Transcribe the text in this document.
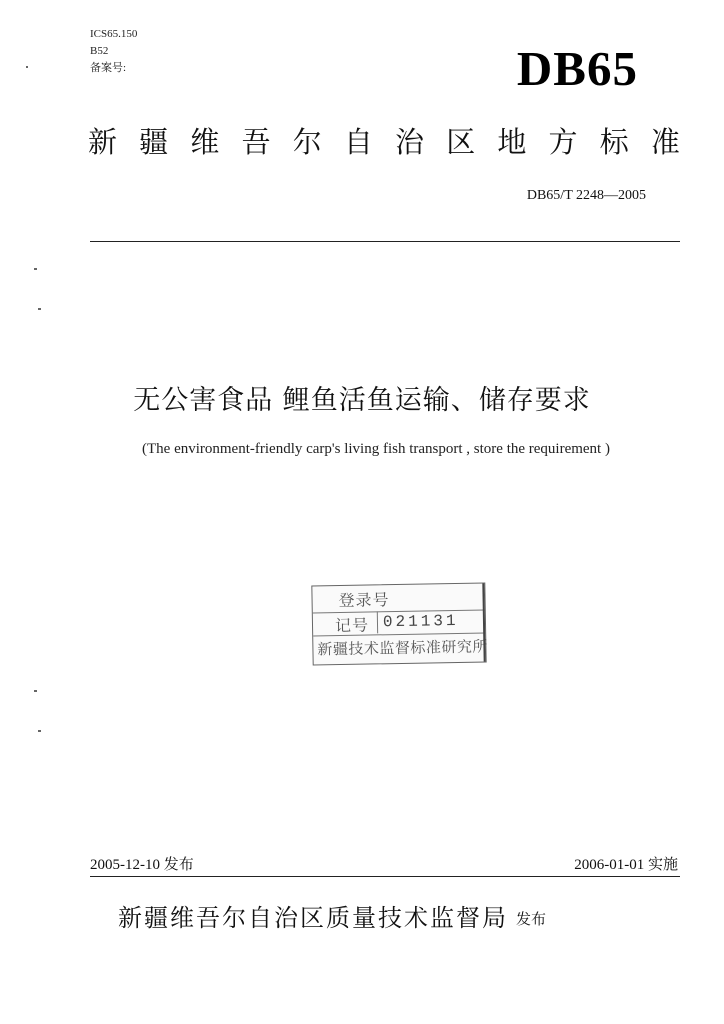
ICS65.150
B52
备案号:	DB65
新 疆 维 吾 尔 自 治 区 地 方 标 准
DB65/T 2248—2005
无公害食品 鲤鱼活鱼运输、储存要求
(The environment-friendly carp's living fish transport , store the requirement )
登录号
记号 021131
新疆技术监督标准研究所
2005-12-10 发布	2006-01-01 实施
新疆维吾尔自治区质量技术监督局 发布
